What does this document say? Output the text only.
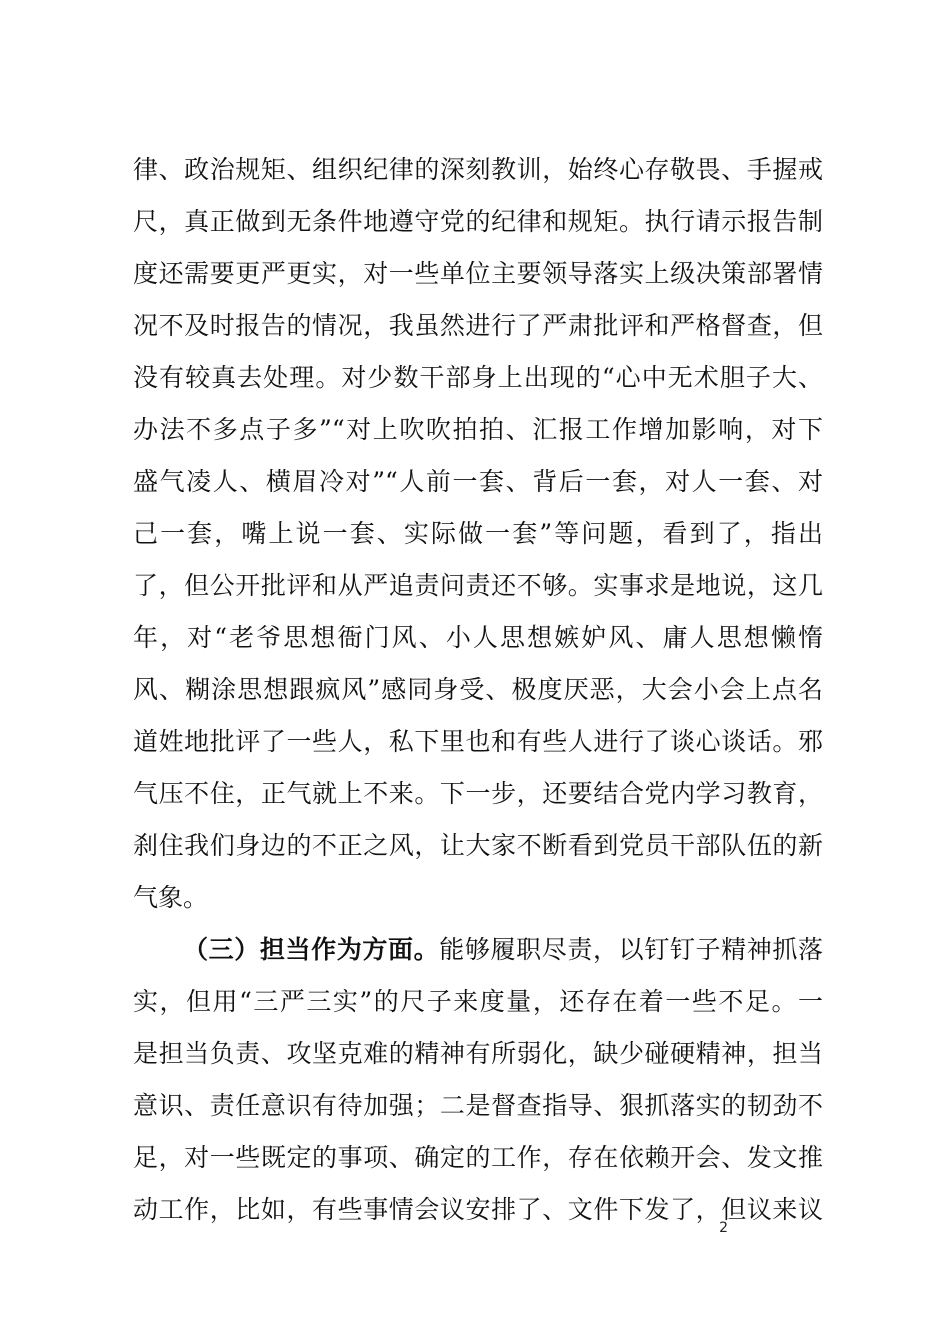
律、政治规矩、组织纪律的深刻教训，始终心存敬畏、手握戒
尺，真正做到无条件地遵守党的纪律和规矩。执行请示报告制
度还需要更严更实，对一些单位主要领导落实上级决策部署情
况不及时报告的情况，我虽然进行了严肃批评和严格督查，但
没有较真去处理。对少数干部身上出现的“心中无术胆子大、
办法不多点子多”“对上吹吹拍拍、汇报工作增加影响，对下
盛气凌人、横眉冷对”“人前一套、背后一套，对人一套、对
己一套，嘴上说一套、实际做一套”等问题，看到了，指出
了，但公开批评和从严追责问责还不够。实事求是地说，这几
年，对“老爷思想衙门风、小人思想嫉妒风、庸人思想懒惰
风、糊涂思想跟疯风”感同身受、极度厌恶，大会小会上点名
道姓地批评了一些人，私下里也和有些人进行了谈心谈话。邪
气压不住，正气就上不来。下一步，还要结合党内学习教育，
刹住我们身边的不正之风，让大家不断看到党员干部队伍的新
气象。
（三）担当作为方面。能够履职尽责，以钉钉子精神抓落
实，但用“三严三实”的尺子来度量，还存在着一些不足。一
是担当负责、攻坚克难的精神有所弱化，缺少碰硬精神，担当
意识、责任意识有待加强；二是督查指导、狠抓落实的韧劲不
足，对一些既定的事项、确定的工作，存在依赖开会、发文推
动工作，比如，有些事情会议安排了、文件下发了，但议来议
2
